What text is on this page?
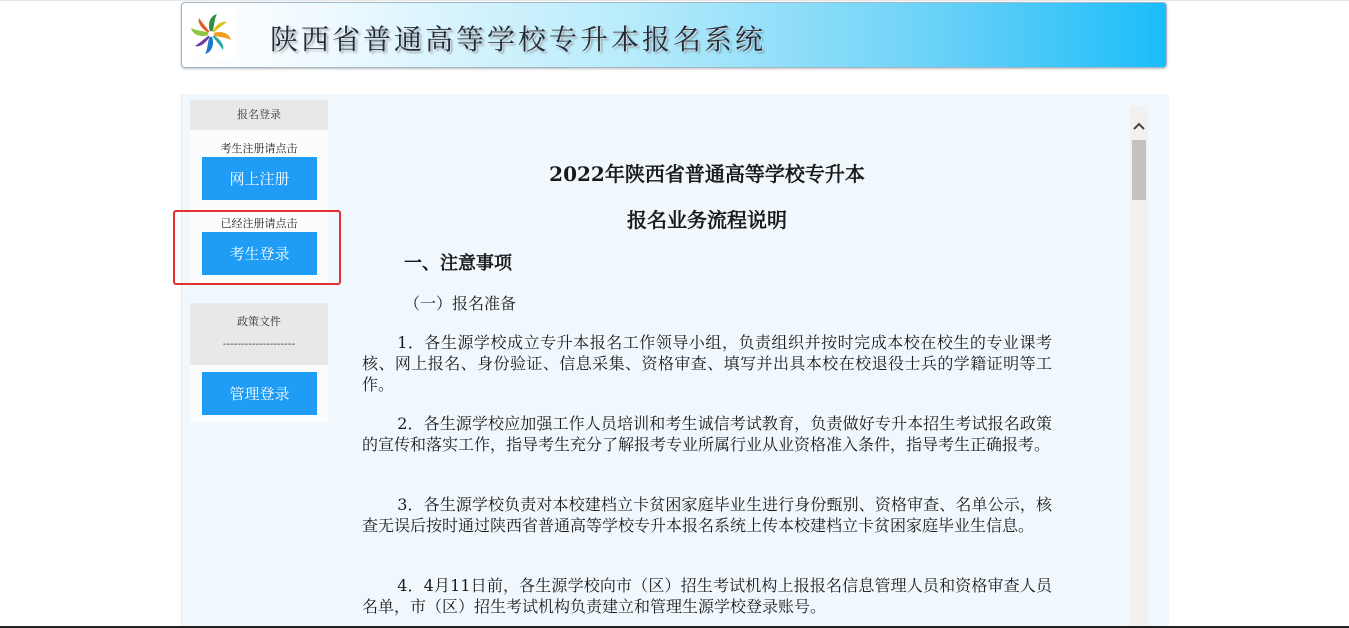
陕西省普通高等学校专升本报名系统
报名登录
考生注册请点击
网上注册
已经注册请点击
考生登录
政策文件
--------------------
管理登录
2022年陕西省普通高等学校专升本
报名业务流程说明
一、注意事项
（一）报名准备
1．各生源学校成立专升本报名工作领导小组，负责组织并按时完成本校在校生的专业课考核、网上报名、身份验证、信息采集、资格审查、填写并出具本校在校退役士兵的学籍证明等工作。
2．各生源学校应加强工作人员培训和考生诚信考试教育，负责做好专升本招生考试报名政策的宣传和落实工作，指导考生充分了解报考专业所属行业从业资格准入条件，指导考生正确报考。
3．各生源学校负责对本校建档立卡贫困家庭毕业生进行身份甄别、资格审查、名单公示，核查无误后按时通过陕西省普通高等学校专升本报名系统上传本校建档立卡贫困家庭毕业生信息。
4．4月11日前，各生源学校向市（区）招生考试机构上报报名信息管理人员和资格审查人员名单，市（区）招生考试机构负责建立和管理生源学校登录账号。
